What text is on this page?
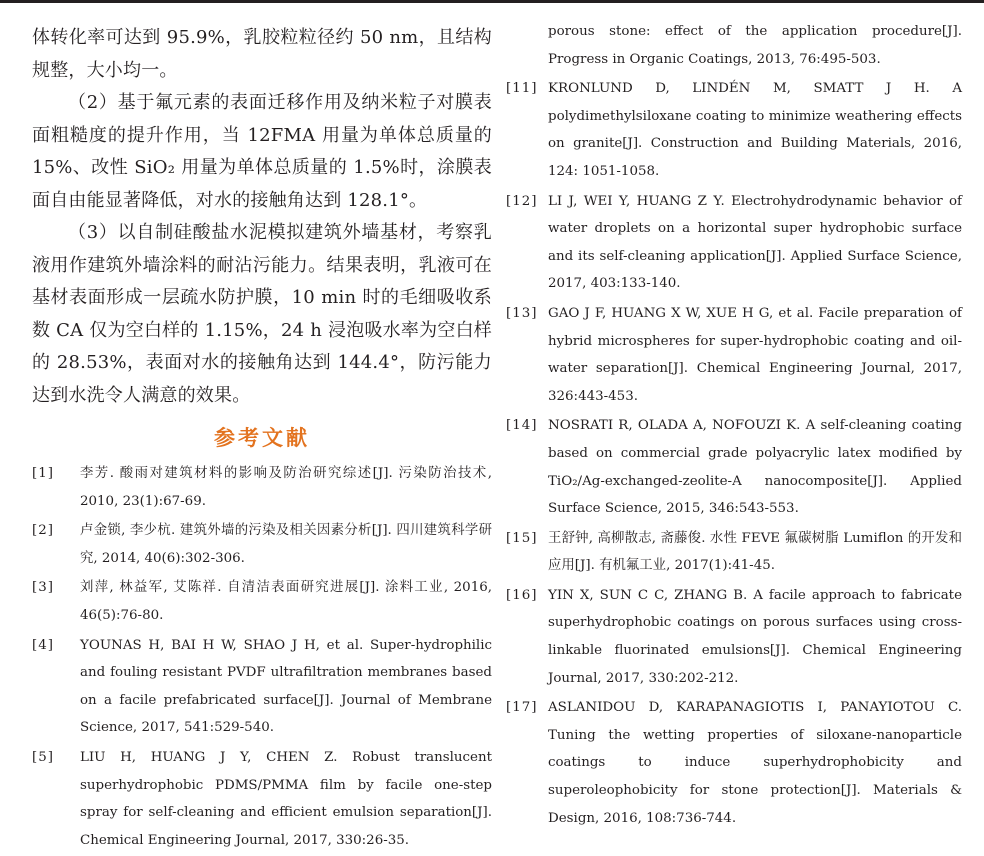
体转化率可达到 95.9%，乳胶粒粒径约 50 nm，且结构规整，大小均一。

（2）基于氟元素的表面迁移作用及纳米粒子对膜表面粗糙度的提升作用，当 12FMA 用量为单体总质量的 15%、改性 SiO₂ 用量为单体总质量的 1.5%时，涂膜表面自由能显著降低，对水的接触角达到 128.1°。

（3）以自制硅酸盐水泥模拟建筑外墙基材，考察乳液用作建筑外墙涂料的耐沾污能力。结果表明，乳液可在基材表面形成一层疏水防护膜，10 min 时的毛细吸收系数 CA 仅为空白样的 1.15%，24 h 浸泡吸水率为空白样的 28.53%，表面对水的接触角达到 144.4°，防污能力达到水洗令人满意的效果。

参考文献
[1]	李芳. 酸雨对建筑材料的影响及防治研究综述[J]. 污染防治技术, 2010, 23(1):67-69.
[2]	卢金锁, 李少杭. 建筑外墙的污染及相关因素分析[J]. 四川建筑科学研究, 2014, 40(6):302-306.
[3]	刘萍, 林益军, 艾陈祥. 自清洁表面研究进展[J]. 涂料工业, 2016, 46(5):76-80.
[4]	YOUNAS H, BAI H W, SHAO J H, et al. Super-hydrophilic and fouling resistant PVDF ultrafiltration membranes based on a facile prefabricated surface[J]. Journal of Membrane Science, 2017, 541:529-540.
[5]	LIU H, HUANG J Y, CHEN Z. Robust translucent superhydrophobic PDMS/PMMA film by facile one-step spray for self-cleaning and efficient emulsion separation[J]. Chemical Engineering Journal, 2017, 330:26-35.
porous stone: effect of the application procedure[J]. Progress in Organic Coatings, 2013, 76:495-503.
[11] KRONLUND D, LINDÉN M, SMATT J H. A polydimethylsiloxane coating to minimize weathering effects on granite[J]. Construction and Building Materials, 2016, 124: 1051-1058.
[12] LI J, WEI Y, HUANG Z Y. Electrohydrodynamic behavior of water droplets on a horizontal super hydrophobic surface and its self-cleaning application[J]. Applied Surface Science, 2017, 403:133-140.
[13] GAO J F, HUANG X W, XUE H G, et al. Facile preparation of hybrid microspheres for super-hydrophobic coating and oil-water separation[J]. Chemical Engineering Journal, 2017, 326:443-453.
[14] NOSRATI R, OLADA A, NOFOUZI K. A self-cleaning coating based on commercial grade polyacrylic latex modified by TiO₂/Ag-exchanged-zeolite-A nanocomposite[J]. Applied Surface Science, 2015, 346:543-553.
[15] 王舒钟, 高柳散志, 斋藤俊. 水性 FEVE 氟碳树脂 Lumiflon 的开发和应用[J]. 有机氟工业, 2017(1):41-45.
[16] YIN X, SUN C C, ZHANG B. A facile approach to fabricate superhydrophobic coatings on porous surfaces using cross-linkable fluorinated emulsions[J]. Chemical Engineering Journal, 2017, 330:202-212.
[17] ASLANIDOU D, KARAPANAGIOTIS I, PANAYIOTOU C. Tuning the wetting properties of siloxane-nanoparticle coatings to induce superhydrophobicity and superoleophobicity for stone protection[J]. Materials & Design, 2016, 108:736-744.
